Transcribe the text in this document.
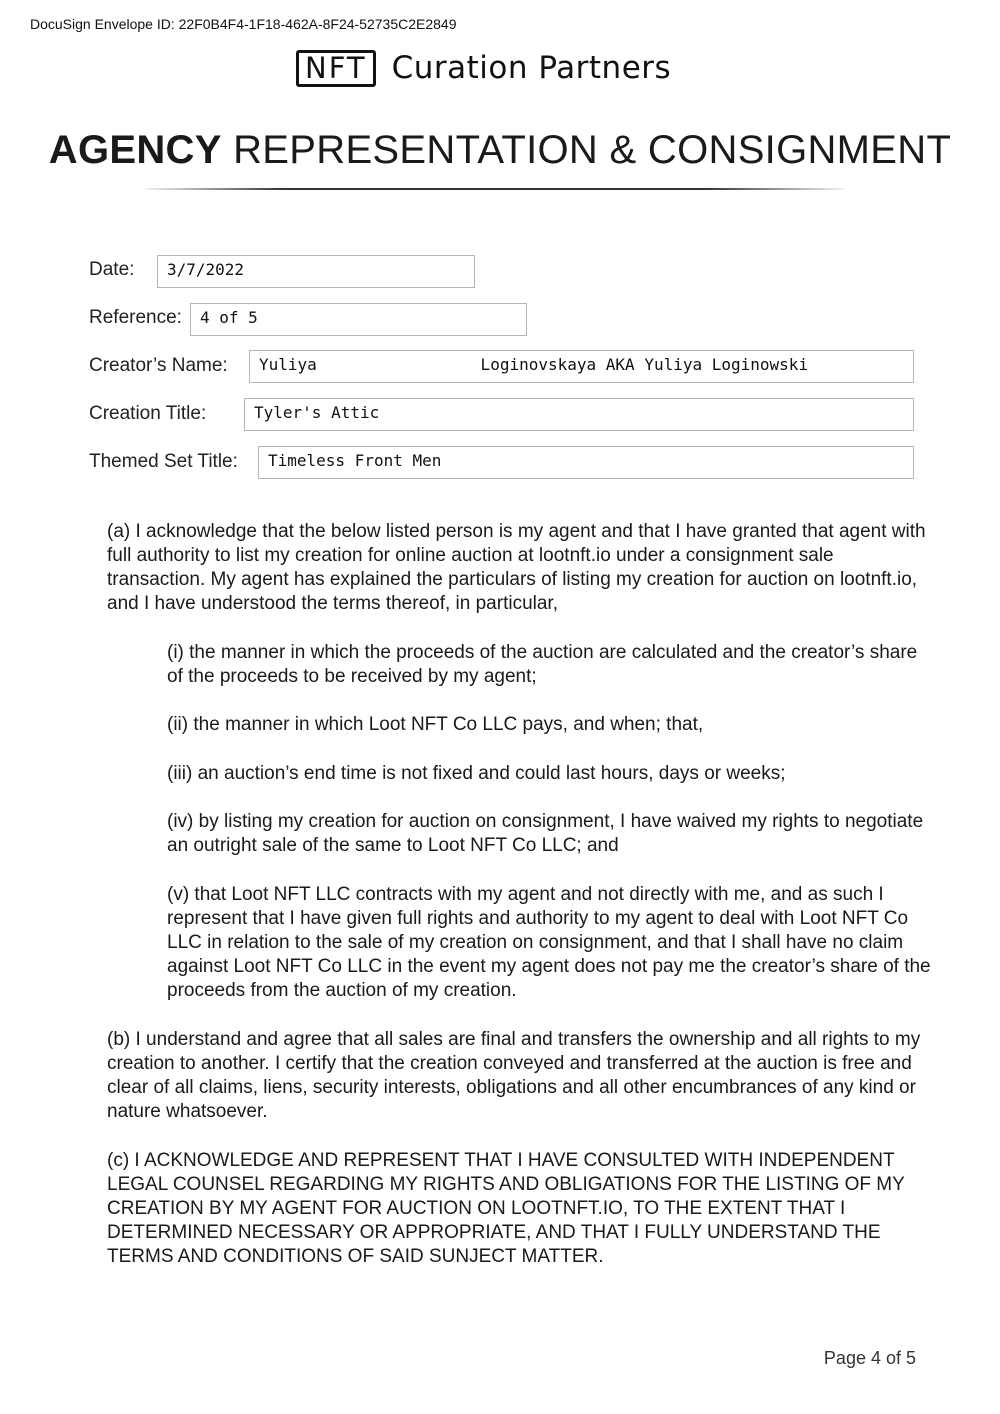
DocuSign Envelope ID: 22F0B4F4-1F18-462A-8F24-52735C2E2849
NFT Curation Partners
AGENCY REPRESENTATION & CONSIGNMENT
Date:	3/7/2022
Reference:	4 of 5
Creator’s Name:	Yuliya                 Loginovskaya AKA Yuliya Loginowski
Creation Title:	Tyler's Attic
Themed Set Title:	Timeless Front Men
(a) I acknowledge that the below listed person is my agent and that I have granted that agent with full authority to list my creation for online auction at lootnft.io under a consignment sale transaction. My agent has explained the particulars of listing my creation for auction on lootnft.io, and I have understood the terms thereof, in particular,
(i) the manner in which the proceeds of the auction are calculated and the creator’s share of the proceeds to be received by my agent;
(ii) the manner in which Loot NFT Co LLC pays, and when; that,
(iii) an auction’s end time is not fixed and could last hours, days or weeks;
(iv) by listing my creation for auction on consignment, I have waived my rights to negotiate an outright sale of the same to Loot NFT Co LLC; and
(v) that Loot NFT LLC contracts with my agent and not directly with me, and as such I represent that I have given full rights and authority to my agent to deal with Loot NFT Co LLC in relation to the sale of my creation on consignment, and that I shall have no claim against Loot NFT Co LLC in the event my agent does not pay me the creator’s share of the proceeds from the auction of my creation.
(b) I understand and agree that all sales are final and transfers the ownership and all rights to my creation to another. I certify that the creation conveyed and transferred at the auction is free and clear of all claims, liens, security interests, obligations and all other encumbrances of any kind or nature whatsoever.
(c) I ACKNOWLEDGE AND REPRESENT THAT I HAVE CONSULTED WITH INDEPENDENT LEGAL COUNSEL REGARDING MY RIGHTS AND OBLIGATIONS FOR THE LISTING OF MY CREATION BY MY AGENT FOR AUCTION ON LOOTNFT.IO, TO THE EXTENT THAT I DETERMINED NECESSARY OR APPROPRIATE, AND THAT I FULLY UNDERSTAND THE TERMS AND CONDITIONS OF SAID SUNJECT MATTER.
Page 4 of 5
